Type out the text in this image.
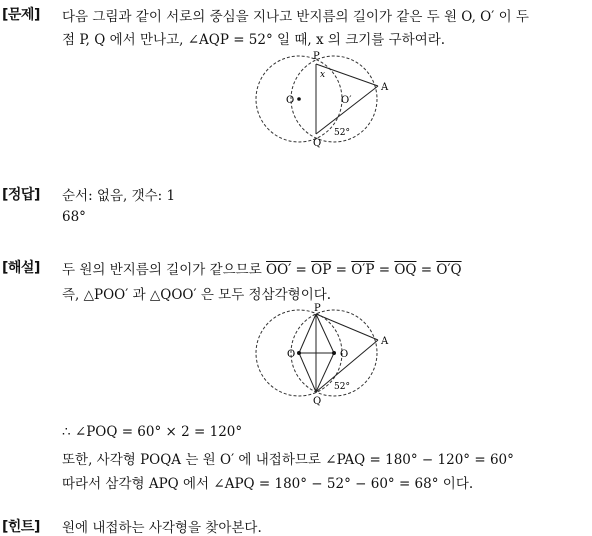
[문제] 다음 그림과 같이 서로의 중심을 지나고 반지름의 길이가 같은 두 원 O, O′ 이 두
점 P, Q 에서 만나고, ∠AQP = 52° 일 때, x 의 크기를 구하여라.
P
Q
O	O′
A
x
52°
[정답] 순서: 없음, 갯수: 1
68°
[해설] 두 원의 반지름의 길이가 같으므로 $OO' = \overline{OP} = O'P = \overline{OQ} = O'Q$
즉, △POO′ 과 △QOO′ 은 모두 정삼각형이다.
P
Q
O	O
A
52°
∴ ∠POQ = 60° × 2 = 120°
또한, 사각형 POQA 는 원 O′ 에 내접하므로 ∠PAQ = 180° − 120° = 60°
따라서 삼각형 APQ 에서 ∠APQ = 180° − 52° − 60° = 68° 이다.
[힌트] 원에 내접하는 사각형을 찾아본다.
